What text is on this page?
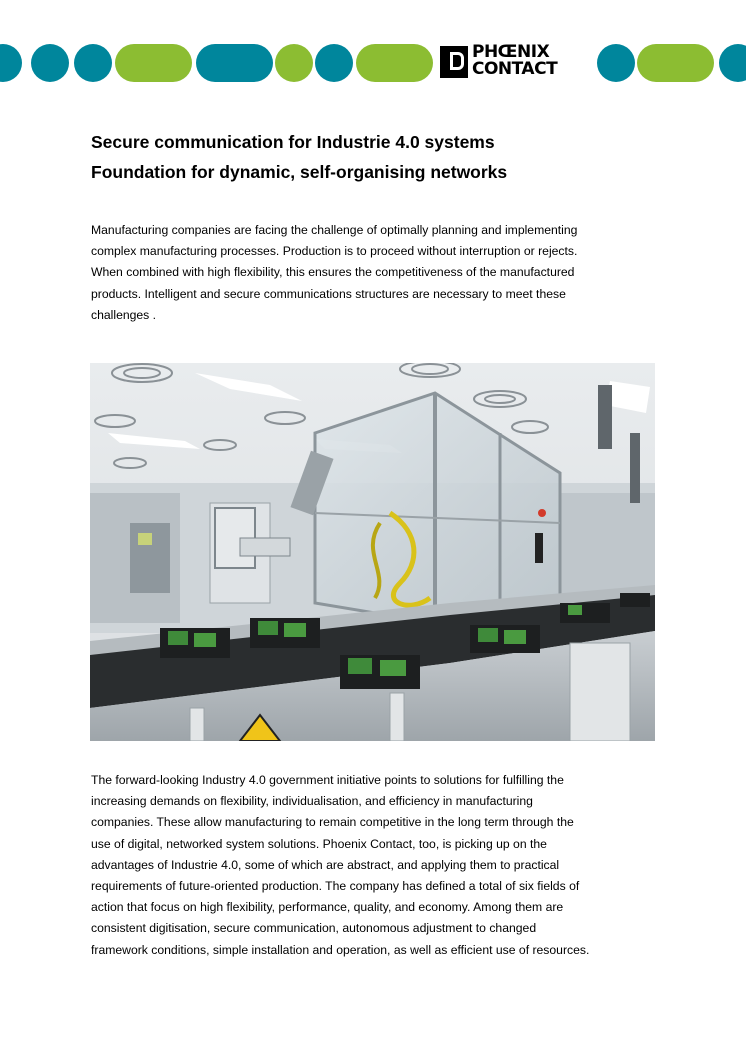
PHŒNIX
CONTACT
Secure communication for Industrie 4.0 systems
Foundation for dynamic, self-organising networks

Manufacturing companies are facing the challenge of optimally planning and implementing
complex manufacturing processes. Production is to proceed without interruption or rejects.
When combined with high flexibility, this ensures the competitiveness of the manufactured
products. Intelligent and secure communications structures are necessary to meet these
challenges .

The forward-looking Industry 4.0 government initiative points to solutions for fulfilling the
increasing demands on flexibility, individualisation, and efficiency in manufacturing
companies. These allow manufacturing to remain competitive in the long term through the
use of digital, networked system solutions. Phoenix Contact, too, is picking up on the
advantages of Industrie 4.0, some of which are abstract, and applying them to practical
requirements of future-oriented production. The company has defined a total of six fields of
action that focus on high flexibility, performance, quality, and economy. Among them are
consistent digitisation, secure communication, autonomous adjustment to changed
framework conditions, simple installation and operation, as well as efficient use of resources.
